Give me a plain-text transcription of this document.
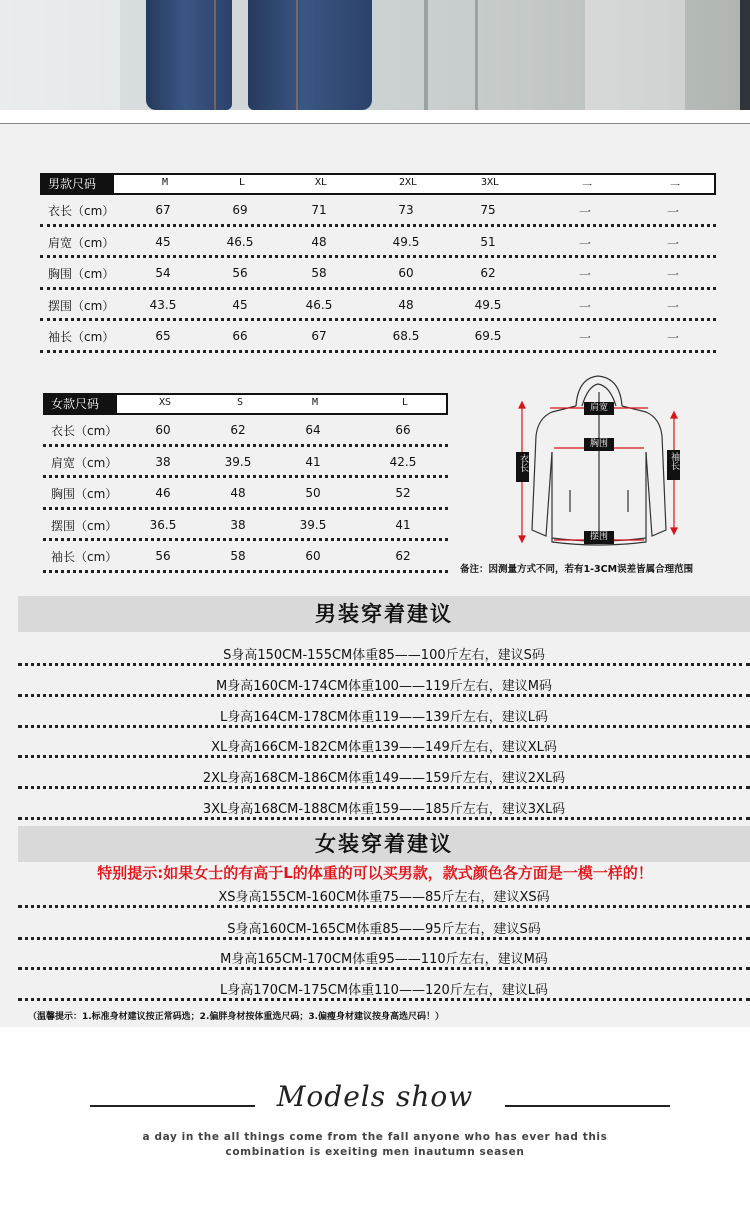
男款尺码	M	L	XL	2XL	3XL	一	一
衣长（cm）	67	69	71	73	75	一	一
肩宽（cm）	45	46.5	48	49.5	51	一	一
胸围（cm）	54	56	58	60	62	一	一
摆围（cm）	43.5	45	46.5	48	49.5	一	一
袖长（cm）	65	66	67	68.5	69.5	一	一
女款尺码	XS	S	M	L
衣长（cm）	60	62	64	66
肩宽（cm）	38	39.5	41	42.5
胸围（cm）	46	48	50	52
摆围（cm）	36.5	38	39.5	41
袖长（cm）	56	58	60	62
肩宽
胸围
摆围
衣长	袖长
备注：因测量方式不同，若有1-3CM误差皆属合理范围
男装穿着建议
S身高150CM-155CM体重85——100斤左右，建议S码
M身高160CM-174CM体重100——119斤左右，建议M码
L身高164CM-178CM体重119——139斤左右，建议L码
XL身高166CM-182CM体重139——149斤左右，建议XL码
2XL身高168CM-186CM体重149——159斤左右，建议2XL码
3XL身高168CM-188CM体重159——185斤左右，建议3XL码
女装穿着建议
特别提示:如果女士的有高于L的体重的可以买男款，款式颜色各方面是一模一样的！
XS身高155CM-160CM体重75——85斤左右，建议XS码
S身高160CM-165CM体重85——95斤左右，建议S码
M身高165CM-170CM体重95——110斤左右，建议M码
L身高170CM-175CM体重110——120斤左右，建议L码
（温馨提示：1.标准身材建议按正常码选；2.偏胖身材按体重选尺码；3.偏瘦身材建议按身高选尺码！）
Models show
a day in the all things come from the fall anyone who has ever had this
combination is exeiting men inautumn seasen
